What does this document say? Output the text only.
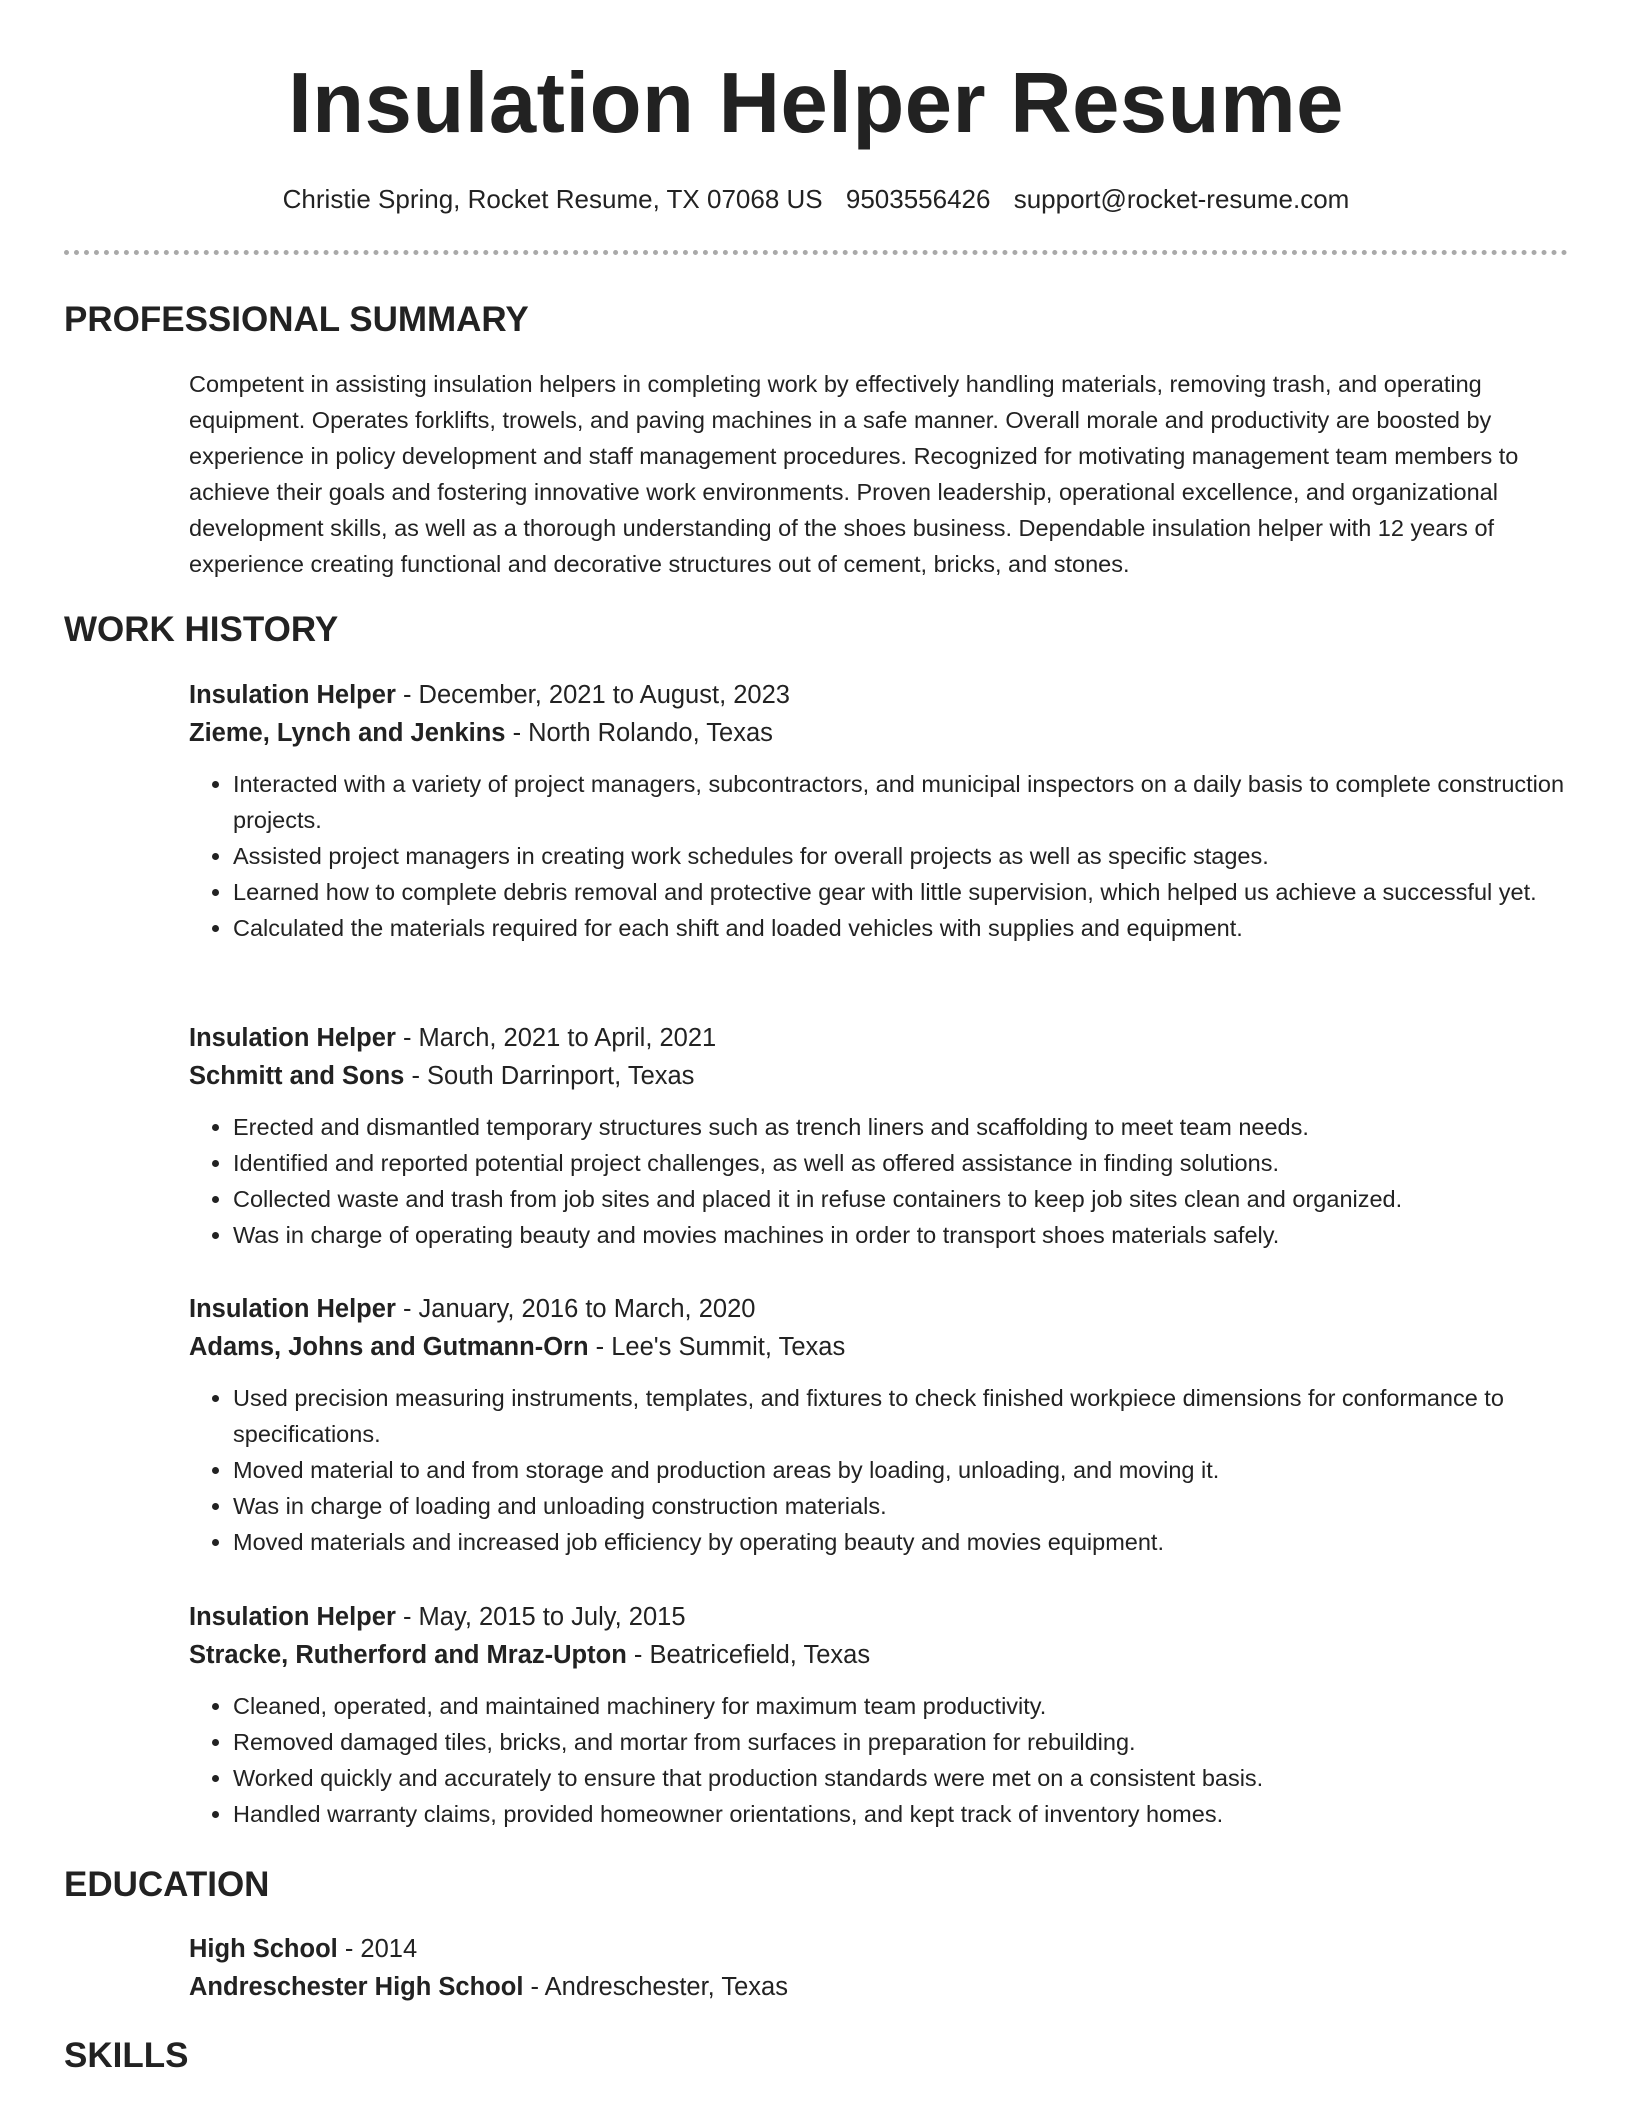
Insulation Helper Resume
Christie Spring, Rocket Resume, TX 07068 US 9503556426 support@rocket-resume.com
PROFESSIONAL SUMMARY

Competent in assisting insulation helpers in completing work by effectively handling materials, removing trash, and operating equipment. Operates forklifts, trowels, and paving machines in a safe manner. Overall morale and productivity are boosted by experience in policy development and staff management procedures. Recognized for motivating management team members to achieve their goals and fostering innovative work environments. Proven leadership, operational excellence, and organizational development skills, as well as a thorough understanding of the shoes business. Dependable insulation helper with 12 years of experience creating functional and decorative structures out of cement, bricks, and stones.

WORK HISTORY
Insulation Helper - December, 2021 to August, 2023
Zieme, Lynch and Jenkins - North Rolando, Texas
• Interacted with a variety of project managers, subcontractors, and municipal inspectors on a daily basis to complete construction projects.
• Assisted project managers in creating work schedules for overall projects as well as specific stages.
• Learned how to complete debris removal and protective gear with little supervision, which helped us achieve a successful yet.
• Calculated the materials required for each shift and loaded vehicles with supplies and equipment.
Insulation Helper - March, 2021 to April, 2021
Schmitt and Sons - South Darrinport, Texas
• Erected and dismantled temporary structures such as trench liners and scaffolding to meet team needs.
• Identified and reported potential project challenges, as well as offered assistance in finding solutions.
• Collected waste and trash from job sites and placed it in refuse containers to keep job sites clean and organized.
• Was in charge of operating beauty and movies machines in order to transport shoes materials safely.
Insulation Helper - January, 2016 to March, 2020
Adams, Johns and Gutmann-Orn - Lee's Summit, Texas
• Used precision measuring instruments, templates, and fixtures to check finished workpiece dimensions for conformance to specifications.
• Moved material to and from storage and production areas by loading, unloading, and moving it.
• Was in charge of loading and unloading construction materials.
• Moved materials and increased job efficiency by operating beauty and movies equipment.
Insulation Helper - May, 2015 to July, 2015
Stracke, Rutherford and Mraz-Upton - Beatricefield, Texas
• Cleaned, operated, and maintained machinery for maximum team productivity.
• Removed damaged tiles, bricks, and mortar from surfaces in preparation for rebuilding.
• Worked quickly and accurately to ensure that production standards were met on a consistent basis.
• Handled warranty claims, provided homeowner orientations, and kept track of inventory homes.
EDUCATION
High School - 2014
Andreschester High School - Andreschester, Texas
SKILLS
